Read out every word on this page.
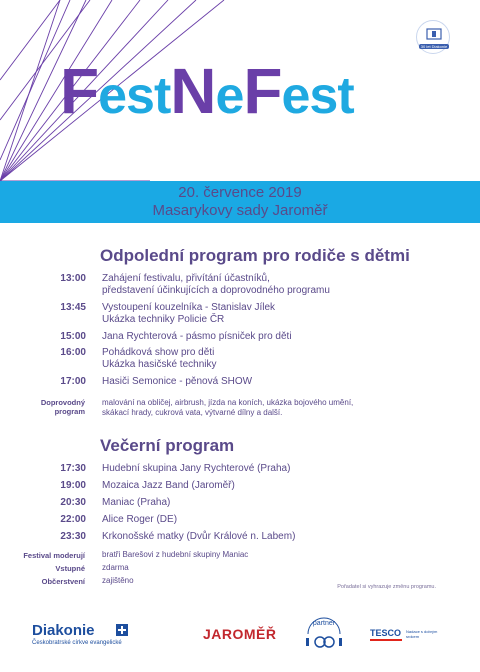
30 let Diakonie
FestNeFest
20. července 2019
Masarykovy sady Jaroměř
Odpolední program pro rodiče s dětmi
13:00 Zahájení festivalu, přivítání účastníků,
představení účinkujících a doprovodného programu
13:45 Vystoupení kouzelníka - Stanislav Jílek
Ukázka techniky Policie ČR
15:00 Jana Rychterová - pásmo písniček pro děti
16:00 Pohádková show pro děti
Ukázka hasičské techniky
17:00 Hasiči Semonice - pěnová SHOW
Doprovodný program
malování na obličej, airbrush, jízda na koních, ukázka bojového umění,
skákací hrady, cukrová vata, výtvarné dílny a další.
Večerní program
17:30 Hudební skupina Jany Rychterové (Praha)
19:00 Mozaica Jazz Band (Jaroměř)
20:30 Maniac (Praha)
22:00 Alice Roger (DE)
23:30 Krkonošské matky (Dvůr Králové n. Labem)
Festival moderují bratři Barešovi z hudební skupiny Maniac
Vstupné zdarma
Občerstvení zajištěno
Pořadatel si vyhrazuje změnu programu.
Diakonie
Českobratrské církve evangelické
JAROMĚŘ
partner
TESCO Nadace s dobrým srdcem
